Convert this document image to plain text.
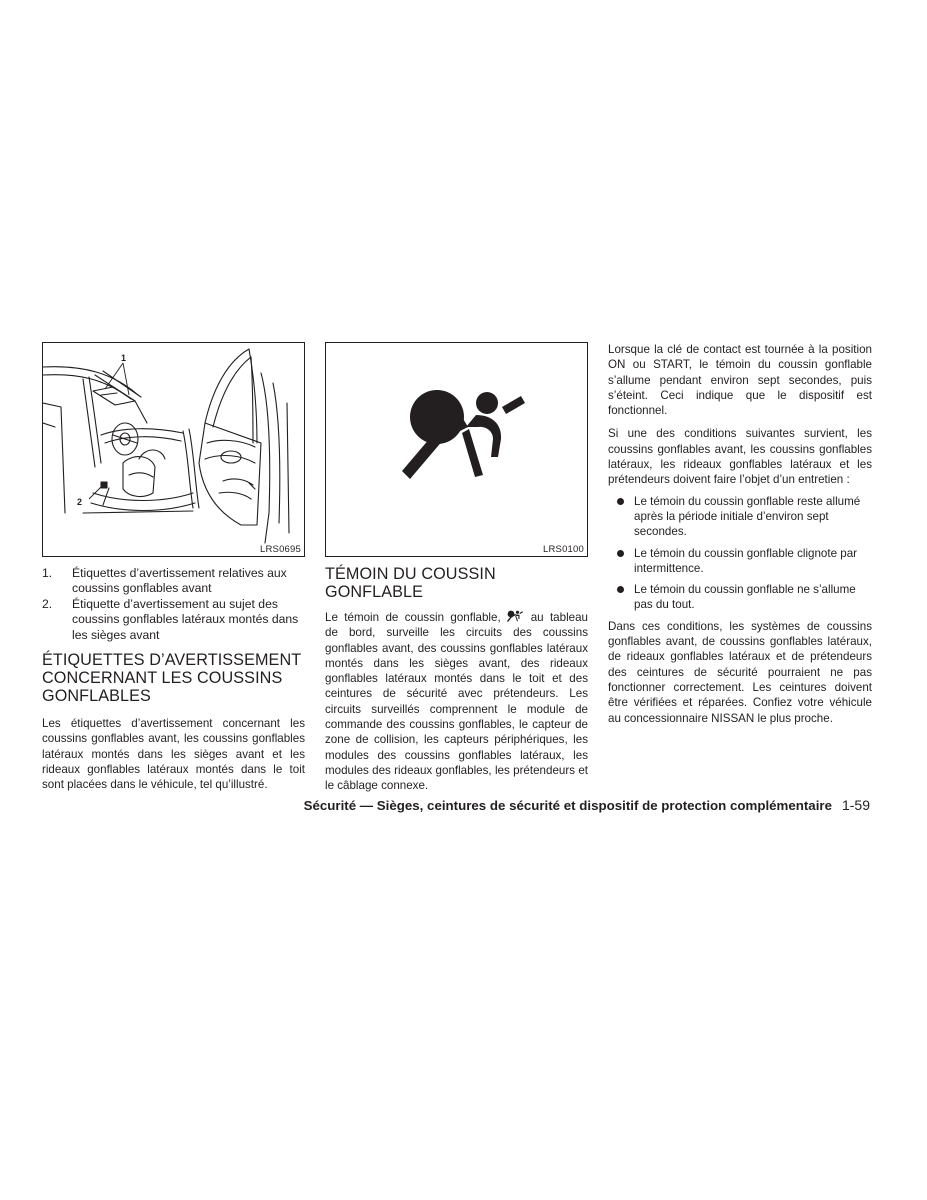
1
2
LRS0695
1.	Étiquettes d’avertissement relatives aux coussins gonflables avant
2.	Étiquette d’avertissement au sujet des coussins gonflables latéraux montés dans les sièges avant
ÉTIQUETTES D’AVERTISSEMENT CONCERNANT LES COUSSINS GONFLABLES

Les étiquettes d’avertissement concernant les coussins gonflables avant, les coussins gonflables latéraux montés dans les sièges avant et les rideaux gonflables latéraux montés dans le toit sont placées dans le véhicule, tel qu’illustré.

LRS0100
TÉMOIN DU COUSSIN GONFLABLE

Le témoin de coussin gonflable,	au tableau de bord, surveille les circuits des coussins gonflables avant, des coussins gonflables latéraux montés dans les sièges avant, des rideaux gonflables latéraux montés dans le toit et des ceintures de sécurité avec prétendeurs. Les circuits surveillés comprennent le module de commande des coussins gonflables, le capteur de zone de collision, les capteurs périphériques, les modules des coussins gonflables latéraux, les modules des rideaux gonflables, les prétendeurs et le câblage connexe.

Lorsque la clé de contact est tournée à la position ON ou START, le témoin du coussin gonflable s’allume pendant environ sept secondes, puis s’éteint. Ceci indique que le dispositif est fonctionnel.

Si une des conditions suivantes survient, les coussins gonflables avant, les coussins gonflables latéraux, les rideaux gonflables latéraux et les prétendeurs doivent faire l’objet d’un entretien :

Le témoin du coussin gonflable reste allumé après la période initiale d’environ sept secondes.
Le témoin du coussin gonflable clignote par intermittence.
Le témoin du coussin gonflable ne s’allume pas du tout.

Dans ces conditions, les systèmes de coussins gonflables avant, de coussins gonflables latéraux, de rideaux gonflables latéraux et de prétendeurs des ceintures de sécurité pourraient ne pas fonctionner correctement. Les ceintures doivent être vérifiées et réparées. Confiez votre véhicule au concessionnaire NISSAN le plus proche.

Sécurité — Sièges, ceintures de sécurité et dispositif de protection complémentaire 1-59
